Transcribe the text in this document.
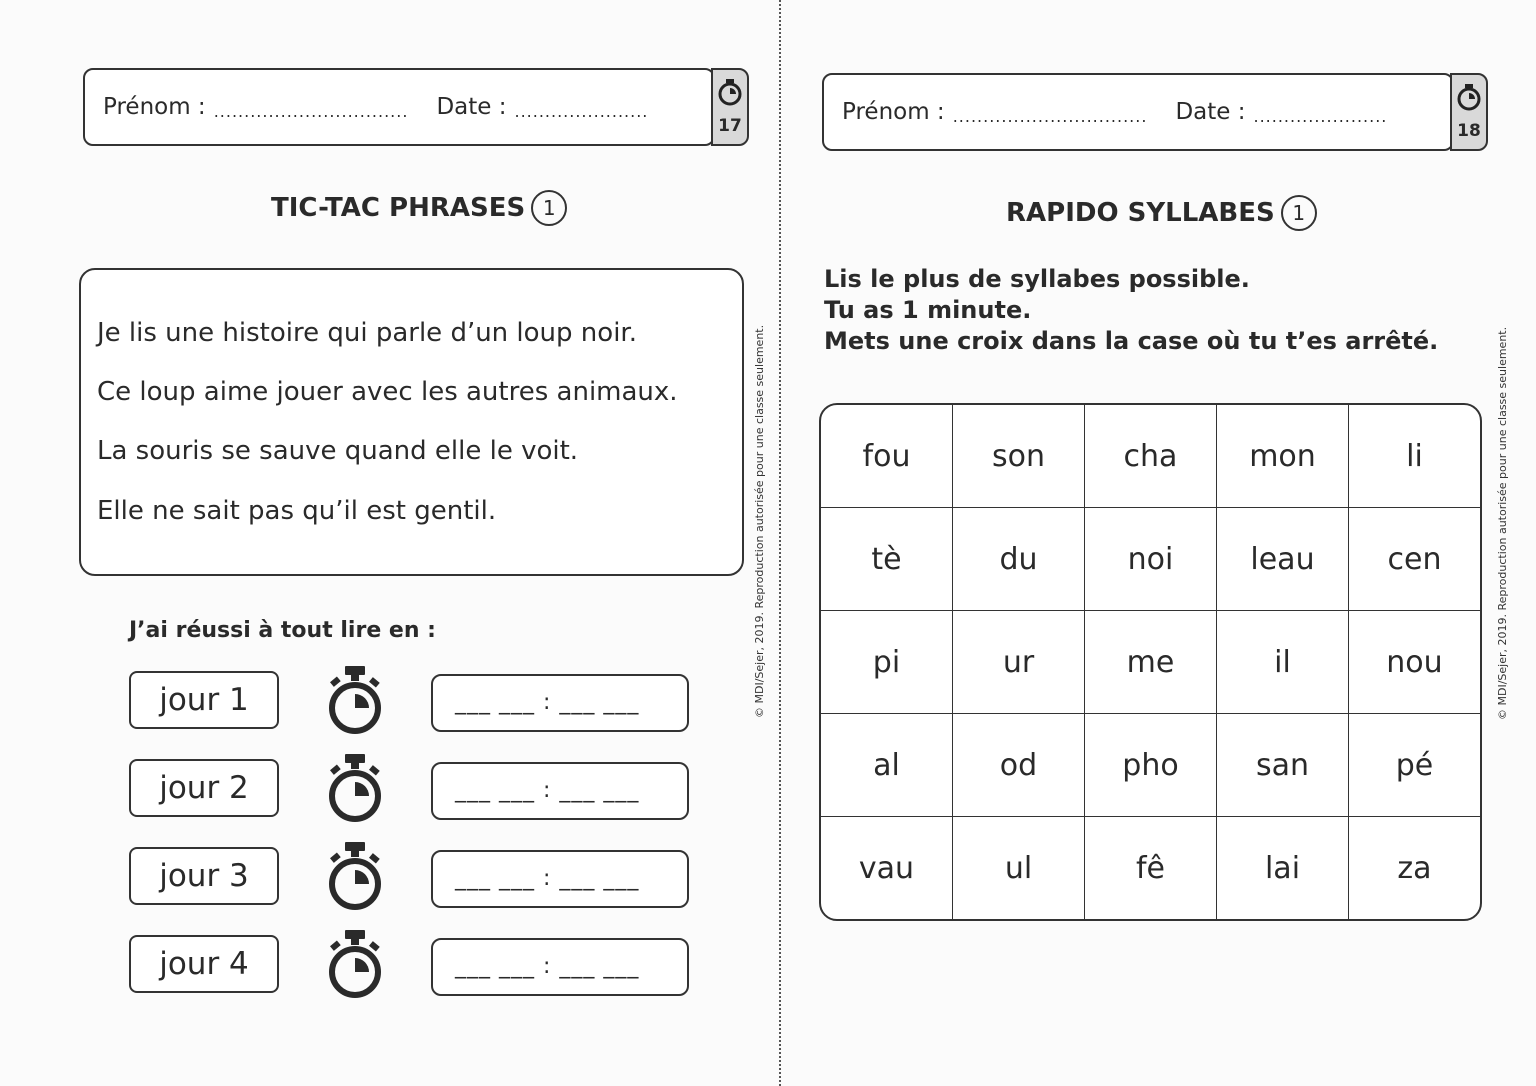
Prénom : ................................ Date : ......................
17
TIC-TAC PHRASES 1

Je lis une histoire qui parle d’un loup noir.

Ce loup aime jouer avec les autres animaux.

La souris se sauve quand elle le voit.

Elle ne sait pas qu’il est gentil.

J’ai réussi à tout lire en :
jour 1	___ ___ : ___ ___
jour 2	___ ___ : ___ ___
jour 3	___ ___ : ___ ___
jour 4	___ ___ : ___ ___
© MDI/Sejer, 2019. Reproduction autorisée pour une classe seulement.
Prénom : ................................ Date : ......................
18
RAPIDO SYLLABES 1
Lis le plus de syllabes possible.
Tu as 1 minute.
Mets une croix dans la case où tu t’es arrêté.
fou	son	cha	mon	li
tè	du	noi	leau	cen
pi	ur	me	il	nou
al	od	pho	san	pé
vau	ul	fê	lai	za
© MDI/Sejer, 2019. Reproduction autorisée pour une classe seulement.
